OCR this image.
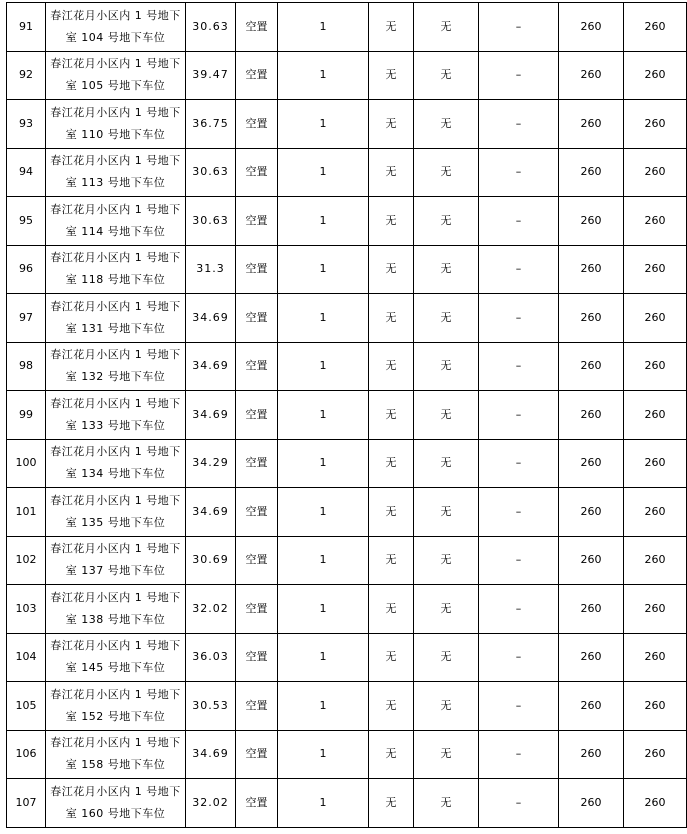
91	春江花月小区内 1 号地下室 104 号地下车位	30.63	空置	1	无	无	–	260	260
92	春江花月小区内 1 号地下室 105 号地下车位	39.47	空置	1	无	无	–	260	260
93	春江花月小区内 1 号地下室 110 号地下车位	36.75	空置	1	无	无	–	260	260
94	春江花月小区内 1 号地下室 113 号地下车位	30.63	空置	1	无	无	–	260	260
95	春江花月小区内 1 号地下室 114 号地下车位	30.63	空置	1	无	无	–	260	260
96	春江花月小区内 1 号地下室 118 号地下车位	31.3	空置	1	无	无	–	260	260
97	春江花月小区内 1 号地下室 131 号地下车位	34.69	空置	1	无	无	–	260	260
98	春江花月小区内 1 号地下室 132 号地下车位	34.69	空置	1	无	无	–	260	260
99	春江花月小区内 1 号地下室 133 号地下车位	34.69	空置	1	无	无	–	260	260
100	春江花月小区内 1 号地下室 134 号地下车位	34.29	空置	1	无	无	–	260	260
101	春江花月小区内 1 号地下室 135 号地下车位	34.69	空置	1	无	无	–	260	260
102	春江花月小区内 1 号地下室 137 号地下车位	30.69	空置	1	无	无	–	260	260
103	春江花月小区内 1 号地下室 138 号地下车位	32.02	空置	1	无	无	–	260	260
104	春江花月小区内 1 号地下室 145 号地下车位	36.03	空置	1	无	无	–	260	260
105	春江花月小区内 1 号地下室 152 号地下车位	30.53	空置	1	无	无	–	260	260
106	春江花月小区内 1 号地下室 158 号地下车位	34.69	空置	1	无	无	–	260	260
107	春江花月小区内 1 号地下室 160 号地下车位	32.02	空置	1	无	无	–	260	260
